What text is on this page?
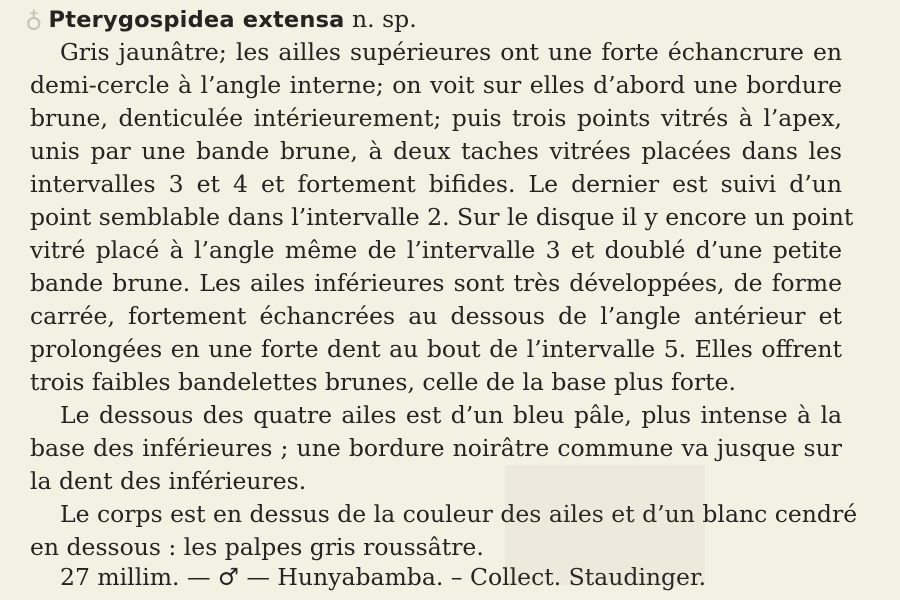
♁ Pterygospidea extensa n. sp.
Gris jaunâtre; les ailles supérieures ont une forte échancrure en
demi-cercle à l’angle interne; on voit sur elles d’abord une bordure
brune, denticulée intérieurement; puis trois points vitrés à l’apex,
unis par une bande brune, à deux taches vitrées placées dans les
intervalles 3 et 4 et fortement bifides. Le dernier est suivi d’un
point semblable dans l’intervalle 2. Sur le disque il y encore un point
vitré placé à l’angle même de l’intervalle 3 et doublé d’une petite
bande brune. Les ailes inférieures sont très développées, de forme
carrée, fortement échancrées au dessous de l’angle antérieur et
prolongées en une forte dent au bout de l’intervalle 5. Elles offrent
trois faibles bandelettes brunes, celle de la base plus forte.
Le dessous des quatre ailes est d’un bleu pâle, plus intense à la
base des inférieures ; une bordure noirâtre commune va jusque sur
la dent des inférieures.
Le corps est en dessus de la couleur des ailes et d’un blanc cendré
en dessous : les palpes gris roussâtre.
27 millim. — ♂ — Hunyabamba. – Collect. Staudinger.
